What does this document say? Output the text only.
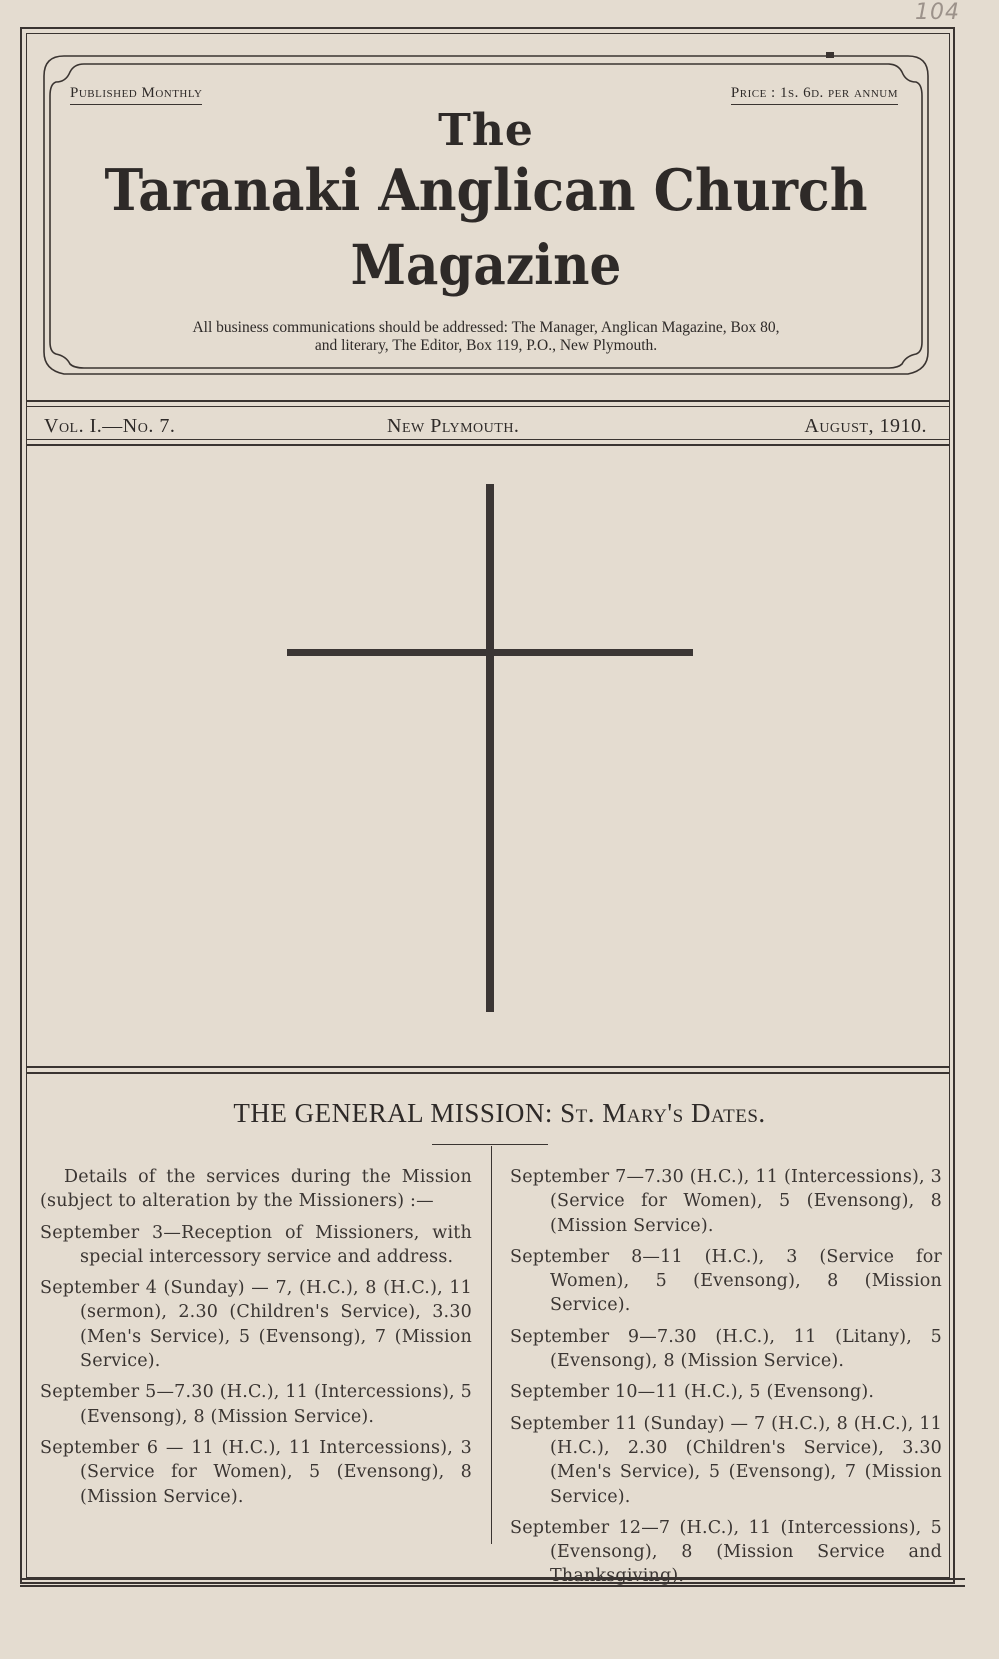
104
Published Monthly	Price : 1s. 6d. per annum
The
Taranaki Anglican Church
Magazine
All business communications should be addressed: The Manager, Anglican Magazine, Box 80,
and literary, The Editor, Box 119, P.O., New Plymouth.
Vol. I.—No. 7.	New Plymouth.	August, 1910.
THE GENERAL MISSION: St. Mary's Dates.

Details of the services during the Mission (subject to alteration by the Missioners) :—

September 3—Reception of Missioners, with special intercessory service and address.

September 4 (Sunday) — 7, (H.C.), 8 (H.C.), 11 (sermon), 2.30 (Children's Service), 3.30 (Men's Service), 5 (Evensong), 7 (Mission Service).

September 5—7.30 (H.C.), 11 (Intercessions), 5 (Evensong), 8 (Mission Service).

September 6 — 11 (H.C.), 11 Intercessions), 3 (Service for Women), 5 (Evensong), 8 (Mission Service).

September 7—7.30 (H.C.), 11 (Intercessions), 3 (Service for Women), 5 (Evensong), 8 (Mission Service).

September 8—11 (H.C.), 3 (Service for Women), 5 (Evensong), 8 (Mission Service).

September 9—7.30 (H.C.), 11 (Litany), 5 (Evensong), 8 (Mission Service).

September 10—11 (H.C.), 5 (Evensong).

September 11 (Sunday) — 7 (H.C.), 8 (H.C.), 11 (H.C.), 2.30 (Children's Service), 3.30 (Men's Service), 5 (Evensong), 7 (Mission Service).

September 12—7 (H.C.), 11 (Intercessions), 5 (Evensong), 8 (Mission Service and Thanksgiving).
